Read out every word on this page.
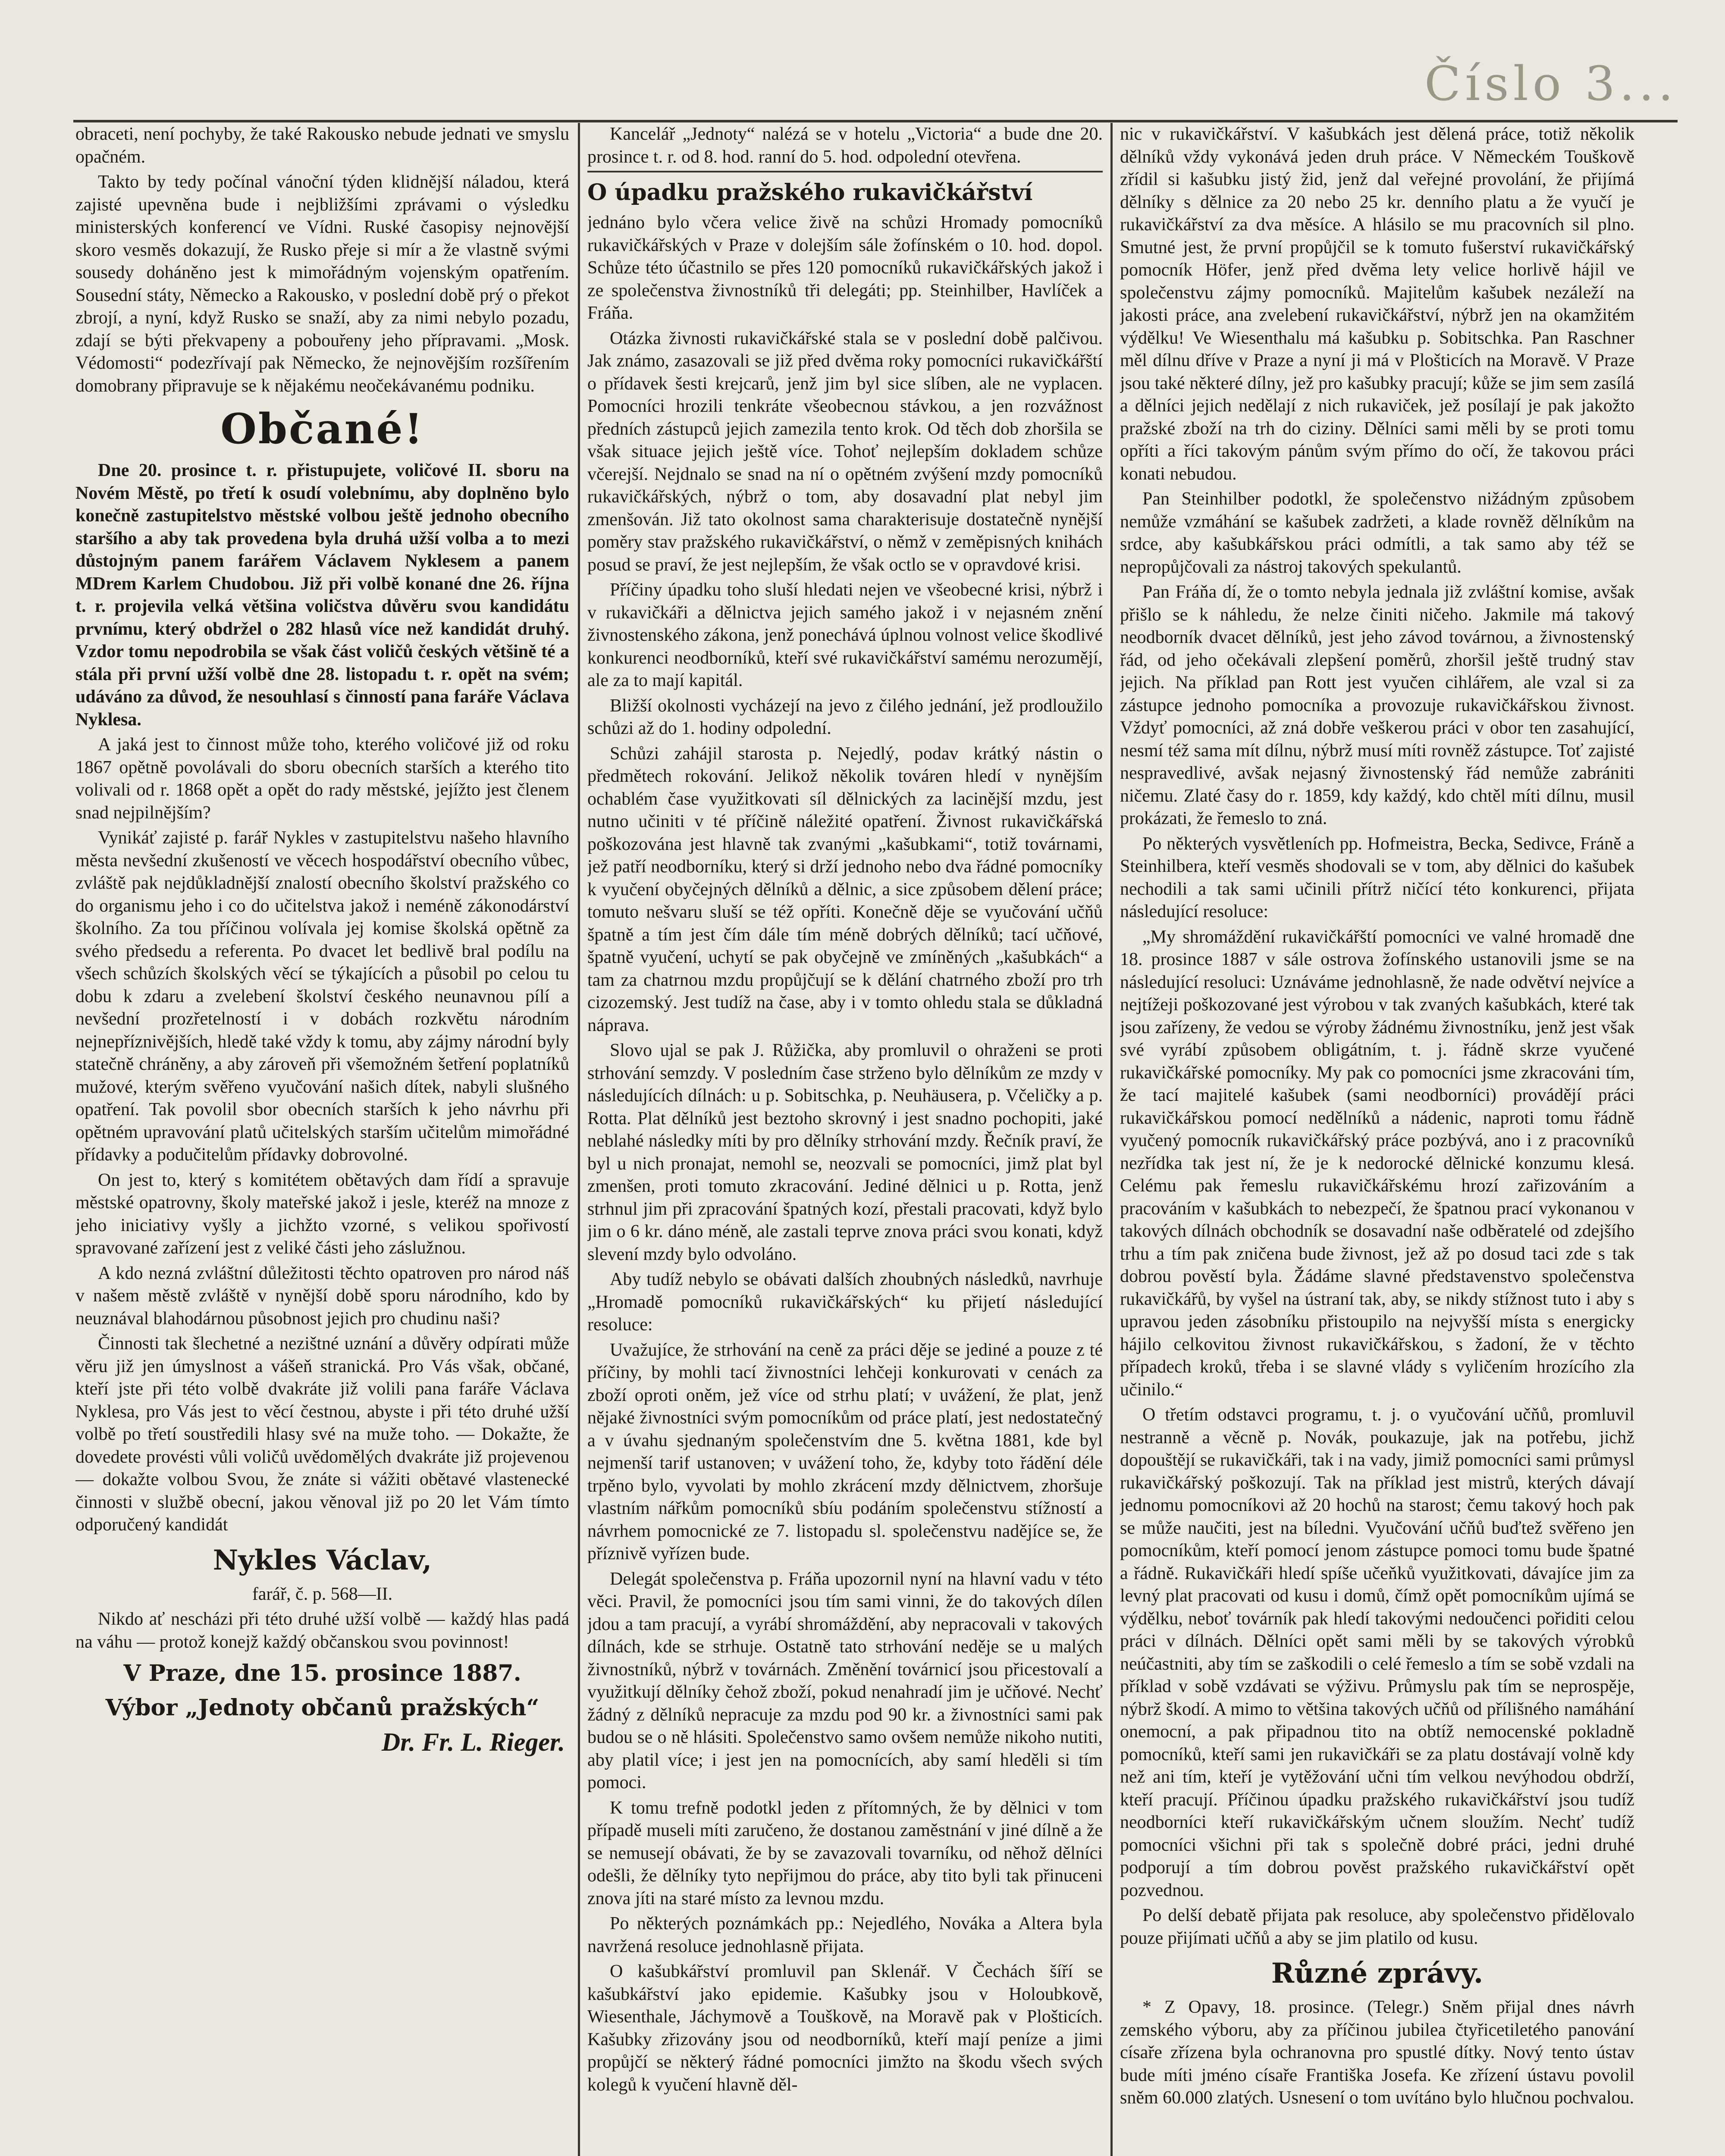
Číslo 3...

obraceti, není pochyby, že také Rakousko nebude jednati ve smyslu opačném.

Takto by tedy počínal vánoční týden klidnější náladou, která zajisté upevněna bude i nejbližšími zprávami o výsledku ministerských konferencí ve Vídni. Ruské časopisy nejnovější skoro vesměs dokazují, že Rusko přeje si mír a že vlastně svými sousedy doháněno jest k mimořádným vojenským opatřením. Sousední státy, Německo a Rakousko, v poslední době prý o překot zbrojí, a nyní, když Rusko se snaží, aby za nimi nebylo pozadu, zdají se býti překvapeny a pobouřeny jeho přípravami. „Mosk. Védomosti“ podezřívají pak Německo, že nejnovějším rozšířením domobrany připravuje se k nějakému neočekávanému podniku.

Občané!

Dne 20. prosince t. r. přistupujete, voličové II. sboru na Novém Městě, po třetí k osudí volebnímu, aby doplněno bylo konečně zastupitelstvo městské volbou ještě jednoho obecního staršího a aby tak provedena byla druhá užší volba a to mezi důstojným panem farářem Václavem Nyklesem a panem MDrem Karlem Chudobou. Již při volbě konané dne 26. října t. r. projevila velká většina voličstva důvěru svou kandidátu prvnímu, který obdržel o 282 hlasů více než kandidát druhý. Vzdor tomu nepodrobila se však část voličů českých většině té a stála při první užší volbě dne 28. listopadu t. r. opět na svém; udáváno za důvod, že nesouhlasí s činností pana faráře Václava Nyklesa.

A jaká jest to činnost může toho, kterého voličové již od roku 1867 opětně povolávali do sboru obecních starších a kterého tito volivali od r. 1868 opět a opět do rady městské, jejížto jest členem snad nejpilnějším?

Vynikáť zajisté p. farář Nykles v zastupitelstvu našeho hlavního města nevšední zkušeností ve věcech hospodářství obecního vůbec, zvláště pak nejdůkladnější znalostí obecního školství pražského co do organismu jeho i co do učitelstva jakož i neméně zákonodárství školního. Za tou příčinou volívala jej komise školská opětně za svého předsedu a referenta. Po dvacet let bedlivě bral podílu na všech schůzích školských věcí se týkajících a působil po celou tu dobu k zdaru a zvelebení školství českého neunavnou pílí a nevšední prozřetelností i v dobách rozkvětu národním nejnepříznivějších, hledě také vždy k tomu, aby zájmy národní byly statečně chráněny, a aby zároveň při všemožném šetření poplatníků mužové, kterým svěřeno vyučování našich dítek, nabyli slušného opatření. Tak povolil sbor obecních starších k jeho návrhu při opětném upravování platů učitelských starším učitelům mimořádné přídavky a podučitelům přídavky dobrovolné.

On jest to, který s komitétem obětavých dam řídí a spravuje městské opatrovny, školy mateřské jakož i jesle, kteréž na mnoze z jeho iniciativy vyšly a jichžto vzorné, s velikou spořivostí spravované zařízení jest z veliké části jeho záslužnou.

A kdo nezná zvláštní důležitosti těchto opatroven pro národ náš v našem městě zvláště v nynější době sporu národního, kdo by neuznával blahodárnou působnost jejich pro chudinu naši?

Činnosti tak šlechetné a nezištné uznání a důvěry odpírati může věru již jen úmyslnost a vášeň stranická. Pro Vás však, občané, kteří jste při této volbě dvakráte již volili pana faráře Václava Nyklesa, pro Vás jest to věcí čestnou, abyste i při této druhé užší volbě po třetí soustředili hlasy své na muže toho. — Dokažte, že dovedete provésti vůli voličů uvědomělých dvakráte již projevenou — dokažte volbou Svou, že znáte si vážiti obětavé vlastenecké činnosti v službě obecní, jakou věnoval již po 20 let Vám tímto odporučený kandidát

Nykles Václav,

farář, č. p. 568—II.

Nikdo ať nescházi při této druhé užší volbě — každý hlas padá na váhu — protož konejž každý občanskou svou povinnost!

V Praze, dne 15. prosince 1887.
Výbor „Jednoty občanů pražských“
Dr. Fr. L. Rieger.

Kancelář „Jednoty“ nalézá se v hotelu „Victoria“ a bude dne 20. prosince t. r. od 8. hod. ranní do 5. hod. odpolední otevřena.

O úpadku pražského rukavičkářství

jednáno bylo včera velice živě na schůzi Hromady pomocníků rukavičkářských v Praze v dolejším sále žofínském o 10. hod. dopol. Schůze této účastnilo se přes 120 pomocníků rukavičkářských jakož i ze společenstva živnostníků tři delegáti; pp. Steinhilber, Havlíček a Fráňa.

Otázka živnosti rukavičkářské stala se v poslední době palčivou. Jak známo, zasazovali se již před dvěma roky pomocníci rukavičkářští o přídavek šesti krejcarů, jenž jim byl sice slíben, ale ne vyplacen. Pomocníci hrozili tenkráte všeobecnou stávkou, a jen rozvážnost předních zástupců jejich zamezila tento krok. Od těch dob zhoršila se však situace jejich ještě více. Tohoť nejlepším dokladem schůze včerejší. Nejdnalo se snad na ní o opětném zvýšení mzdy pomocníků rukavičkářských, nýbrž o tom, aby dosavadní plat nebyl jim zmenšován. Již tato okolnost sama charakterisuje dostatečně nynější poměry stav pražského rukavičkářství, o němž v zeměpisných knihách posud se praví, že jest nejlepším, že však octlo se v opravdové krisi.

Příčiny úpadku toho sluší hledati nejen ve všeobecné krisi, nýbrž i v rukavičkáři a dělnictva jejich samého jakož i v nejasném znění živnostenského zákona, jenž ponechává úplnou volnost velice škodlivé konkurenci neodborníků, kteří své rukavičkářství samému nerozumějí, ale za to mají kapitál.

Bližší okolnosti vycházejí na jevo z čilého jednání, jež prodloužilo schůzi až do 1. hodiny odpolední.

Schůzi zahájil starosta p. Nejedlý, podav krátký nástin o předmětech rokování. Jelikož několik továren hledí v nynějším ochablém čase využitkovati síl dělnických za lacinější mzdu, jest nutno učiniti v té příčině náležité opatření. Živnost rukavičkářská poškozována jest hlavně tak zvanými „kašubkami“, totiž továrnami, jež patří neodborníku, který si drží jednoho nebo dva řádné pomocníky k vyučení obyčejných dělníků a dělnic, a sice způsobem dělení práce; tomuto nešvaru sluší se též opříti. Konečně děje se vyučování učňů špatně a tím jest čím dále tím méně dobrých dělníků; tací učňové, špatně vyučení, uchytí se pak obyčejně ve zmíněných „kašubkách“ a tam za chatrnou mzdu propůjčují se k dělání chatrného zboží pro trh cizozemský. Jest tudíž na čase, aby i v tomto ohledu stala se důkladná náprava.

Slovo ujal se pak J. Růžička, aby promluvil o ohraženi se proti strhování semzdy. V posledním čase strženo bylo dělníkům ze mzdy v následujících dílnách: u p. Sobitschka, p. Neuhäusera, p. Včeličky a p. Rotta. Plat dělníků jest beztoho skrovný i jest snadno pochopiti, jaké neblahé následky míti by pro dělníky strhování mzdy. Řečník praví, že byl u nich pronajat, nemohl se, neozvali se pomocníci, jimž plat byl zmenšen, proti tomuto zkracování. Jediné dělnici u p. Rotta, jenž strhnul jim při zpracování špatných kozí, přestali pracovati, když bylo jim o 6 kr. dáno méně, ale zastali teprve znova práci svou konati, když slevení mzdy bylo odvoláno.

Aby tudíž nebylo se obávati dalších zhoubných následků, navrhuje „Hromadě pomocníků rukavičkářských“ ku přijetí následující resoluce:

Uvažujíce, že strhování na ceně za práci děje se jediné a pouze z té příčiny, by mohli tací živnostníci lehčeji konkurovati v cenách za zboží oproti oněm, jež více od strhu platí; v uvážení, že plat, jenž nějaké živnostníci svým pomocníkům od práce platí, jest nedostatečný a v úvahu sjednaným společenstvím dne 5. května 1881, kde byl nejmenší tarif ustanoven; v uvážení toho, že, kdyby toto řádění déle trpěno bylo, vyvolati by mohlo zkrácení mzdy dělnictvem, zhoršuje vlastním nářkům pomocníků sbíu podáním společenstvu stížností a návrhem pomocnické ze 7. listopadu sl. společenstvu nadějíce se, že příznivě vyřízen bude.

Delegát společenstva p. Fráňa upozornil nyní na hlavní vadu v této věci. Pravil, že pomocníci jsou tím sami vinni, že do takových dílen jdou a tam pracují, a vyrábí shromáždění, aby nepracovali v takových dílnách, kde se strhuje. Ostatně tato strhování neděje se u malých živnostníků, nýbrž v továrnách. Změnění továrnicí jsou přicestovalí a využitkují dělníky čehož zboží, pokud nenahradí jim je učňové. Nechť žádný z dělníků nepracuje za mzdu pod 90 kr. a živnostníci sami pak budou se o ně hlásiti. Společenstvo samo ovšem nemůže nikoho nutiti, aby platil více; i jest jen na pomocnících, aby samí hleděli si tím pomoci.

K tomu trefně podotkl jeden z přítomných, že by dělnici v tom případě museli míti zaručeno, že dostanou zaměstnání v jiné dílně a že se nemusejí obávati, že by se zavazovali tovarníku, od něhož dělníci odešli, že dělníky tyto nepřijmou do práce, aby tito byli tak přinuceni znova jíti na staré místo za levnou mzdu.

Po některých poznámkách pp.: Nejedlého, Nováka a Altera byla navržená resoluce jednohlasně přijata.

O kašubkářství promluvil pan Sklenář. V Čechách šíří se kašubkářství jako epidemie. Kašubky jsou v Holoubkově, Wiesenthale, Jáchymově a Touškově, na Moravě pak v Plošticích. Kašubky zřizovány jsou od neodborníků, kteří mají peníze a jimi propůjčí se některý řádné pomocníci jimžto na škodu všech svých kolegů k vyučení hlavně děl-

nic v rukavičkářství. V kašubkách jest dělená práce, totiž několik dělníků vždy vykonává jeden druh práce. V Německém Touškově zřídil si kašubku jistý žid, jenž dal veřejné provolání, že přijímá dělníky s dělnice za 20 nebo 25 kr. denního platu a že vyučí je rukavičkářství za dva měsíce. A hlásilo se mu pracovních sil plno. Smutné jest, že první propůjčil se k tomuto fušerství rukavičkářský pomocník Höfer, jenž před dvěma lety velice horlivě hájil ve společenstvu zájmy pomocníků. Majitelům kašubek nezáleží na jakosti práce, ana zvelebení rukavičkářství, nýbrž jen na okamžitém výdělku! Ve Wiesenthalu má kašubku p. Sobitschka. Pan Raschner měl dílnu dříve v Praze a nyní ji má v Plošticích na Moravě. V Praze jsou také některé dílny, jež pro kašubky pracují; kůže se jim sem zasílá a dělníci jejich nedělají z nich rukaviček, jež posílají je pak jakožto pražské zboží na trh do ciziny. Dělníci sami měli by se proti tomu opříti a říci takovým pánům svým přímo do očí, že takovou práci konati nebudou.

Pan Steinhilber podotkl, že společenstvo nižádným způsobem nemůže vzmáhání se kašubek zadržeti, a klade rovněž dělníkům na srdce, aby kašubkářskou práci odmítli, a tak samo aby též se nepropůjčovali za nástroj takových spekulantů.

Pan Fráňa dí, že o tomto nebyla jednala již zvláštní komise, avšak přišlo se k náhledu, že nelze činiti ničeho. Jakmile má takový neodborník dvacet dělníků, jest jeho závod továrnou, a živnostenský řád, od jeho očekávali zlepšení poměrů, zhoršil ještě trudný stav jejich. Na příklad pan Rott jest vyučen cihlářem, ale vzal si za zástupce jednoho pomocníka a provozuje rukavičkářskou živnost. Vždyť pomocníci, až zná dobře veškerou práci v obor ten zasahující, nesmí též sama mít dílnu, nýbrž musí míti rovněž zástupce. Toť zajisté nespravedlivé, avšak nejasný živnostenský řád nemůže zabrániti ničemu. Zlaté časy do r. 1859, kdy každý, kdo chtěl míti dílnu, musil prokázati, že řemeslo to zná.

Po některých vysvětleních pp. Hofmeistra, Becka, Sedivce, Fráně a Steinhilbera, kteří vesměs shodovali se v tom, aby dělnici do kašubek nechodili a tak sami učinili přítrž ničící této konkurenci, přijata následující resoluce:

„My shromáždění rukavičkářští pomocníci ve valné hromadě dne 18. prosince 1887 v sále ostrova žofínského ustanovili jsme se na následující resoluci: Uznáváme jednohlasně, že nade odvětví nejvíce a nejtížeji poškozované jest výrobou v tak zvaných kašubkách, které tak jsou zařízeny, že vedou se výroby žádnému živnostníku, jenž jest však své vyrábí způsobem obligátním, t. j. řádně skrze vyučené rukavičkářské pomocníky. My pak co pomocníci jsme zkracováni tím, že tací majitelé kašubek (sami neodborníci) provádějí práci rukavičkářskou pomocí nedělníků a nádenic, naproti tomu řádně vyučený pomocník rukavičkářský práce pozbývá, ano i z pracovníků nezřídka tak jest ní, že je k nedorocké dělnické konzumu klesá. Celému pak řemeslu rukavičkářskému hrozí zařizováním a pracováním v kašubkách to nebezpečí, že špatnou prací vykonanou v takových dílnách obchodník se dosavadní naše odběratelé od zdejšího trhu a tím pak zničena bude živnost, jež až po dosud taci zde s tak dobrou pověstí byla. Žádáme slavné představenstvo společenstva rukavičkářů, by vyšel na ústraní tak, aby, se nikdy stížnost tuto i aby s upravou jeden zásobníku přistoupilo na nejvyšší místa s energicky hájilo celkovitou živnost rukavičkářskou, s žadoní, že v těchto případech kroků, třeba i se slavné vlády s vyličením hrozícího zla učinilo.“

O třetím odstavci programu, t. j. o vyučování učňů, promluvil nestranně a věcně p. Novák, poukazuje, jak na potřebu, jichž dopouštějí se rukavičkáři, tak i na vady, jimiž pomocníci sami průmysl rukavičkářský poškozují. Tak na příklad jest mistrů, kterých dávají jednomu pomocníkovi až 20 hochů na starost; čemu takový hoch pak se může naučiti, jest na bíledni. Vyučování učňů buďtež svěřeno jen pomocníkům, kteří pomocí jenom zástupce pomoci tomu bude špatné a řádně. Rukavičkáři hledí spíše učeňků využitkovati, dávajíce jim za levný plat pracovati od kusu i domů, čímž opět pomocníkům ujímá se výdělku, neboť továrník pak hledí takovými nedoučenci pořiditi celou práci v dílnách. Dělníci opět sami měli by se takových výrobků neúčastniti, aby tím se zaškodili o celé řemeslo a tím se sobě vzdali na příklad v sobě vzdávati se výživu. Průmyslu pak tím se neprospěje, nýbrž škodí. A mimo to většina takových učňů od přílišného namáhání onemocní, a pak připadnou tito na obtíž nemocenské pokladně pomocníků, kteří sami jen rukavičkáři se za platu dostávají volně kdy než ani tím, kteří je vytěžování učni tím velkou nevýhodou obdrží, kteří pracují. Příčinou úpadku pražského rukavičkářství jsou tudíž neodborníci kteří rukavičkářským učnem sloužím. Nechť tudíž pomocníci všichni při tak s společně dobré práci, jedni druhé podporují a tím dobrou pověst pražského rukavičkářství opět pozvednou.

Po delší debatě přijata pak resoluce, aby společenstvo přidělovalo pouze přijímati učňů a aby se jim platilo od kusu.

Různé zprávy.

* Z Opavy, 18. prosince. (Telegr.) Sněm přijal dnes návrh zemského výboru, aby za příčinou jubilea čtyřicetiletého panování císaře zřízena byla ochranovna pro spustlé dítky. Nový tento ústav bude míti jméno císaře Františka Josefa. Ke zřízení ústavu povolil sněm 60.000 zlatých. Usnesení o tom uvítáno bylo hlučnou pochvalou.
